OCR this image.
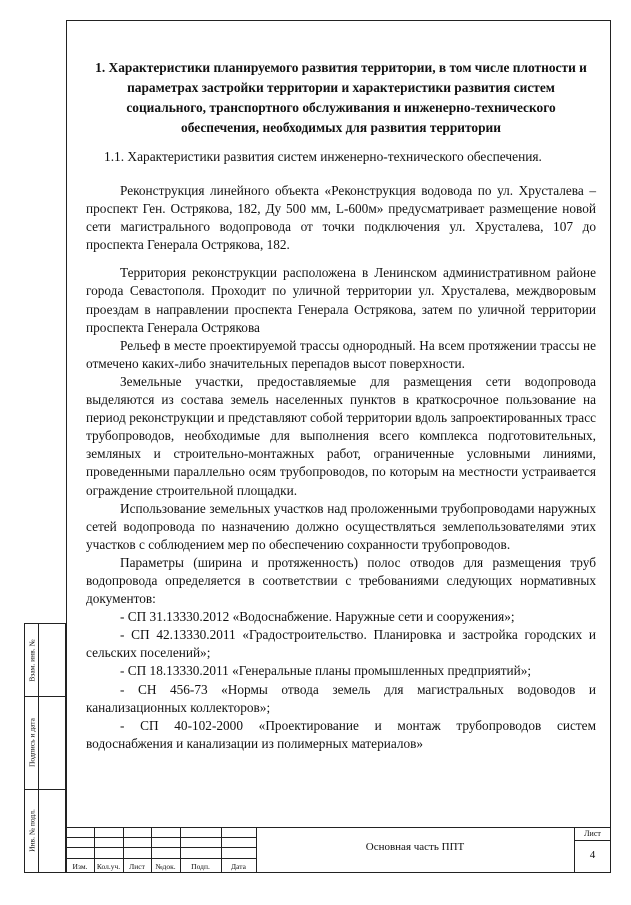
1. Характеристики планируемого развития территории, в том числе плотности и параметрах застройки территории и характеристики развития систем социального, транспортного обслуживания и инженерно-технического обеспечения, необходимых для развития территории
1.1. Характеристики развития систем инженерно-технического обеспечения.

Реконструкция линейного объекта «Реконструкция водовода по ул. Хрусталева – проспект Ген. Острякова, 182, Ду 500 мм, L-600м» предусматривает размещение новой сети магистрального водопровода от точки подключения ул. Хрусталева, 107 до проспекта Генерала Острякова, 182.

Территория реконструкции расположена в Ленинском административном районе города Севастополя. Проходит по уличной территории ул. Хрусталева, междворовым проездам в направлении проспекта Генерала Острякова, затем по уличной территории проспекта Генерала Острякова

Рельеф в месте проектируемой трассы однородный. На всем протяжении трассы не отмечено каких-либо значительных перепадов высот поверхности.

Земельные участки, предоставляемые для размещения сети водопровода выделяются из состава земель населенных пунктов в краткосрочное пользование на период реконструкции и представляют собой территории вдоль запроектированных трасс трубопроводов, необходимые для выполнения всего комплекса подготовительных, земляных и строительно-монтажных работ, ограниченные условными линиями, проведенными параллельно осям трубопроводов, по которым на местности устраивается ограждение строительной площадки.

Использование земельных участков над проложенными трубопроводами наружных сетей водопровода по назначению должно осуществляться землепользователями этих участков с соблюдением мер по обеспечению сохранности трубопроводов.

Параметры (ширина и протяженность) полос отводов для размещения труб водопровода определяется в соответствии с требованиями следующих нормативных документов:

- СП 31.13330.2012 «Водоснабжение. Наружные сети и сооружения»;

- СП 42.13330.2011 «Градостроительство. Планировка и застройка городских и сельских поселений»;

- СП 18.13330.2011 «Генеральные планы промышленных предприятий»;

- СН 456-73 «Нормы отвода земель для магистральных водоводов и канализационных коллекторов»;

- СП 40-102-2000 «Проектирование и монтаж трубопроводов систем водоснабжения и канализации из полимерных материалов»

Взам. инв. №
Подпись и дата
Инв. № подл.
Изм.	Кол.уч.	Лист	№док.	Подп.	Дата
Основная часть ППТ
Лист
4
